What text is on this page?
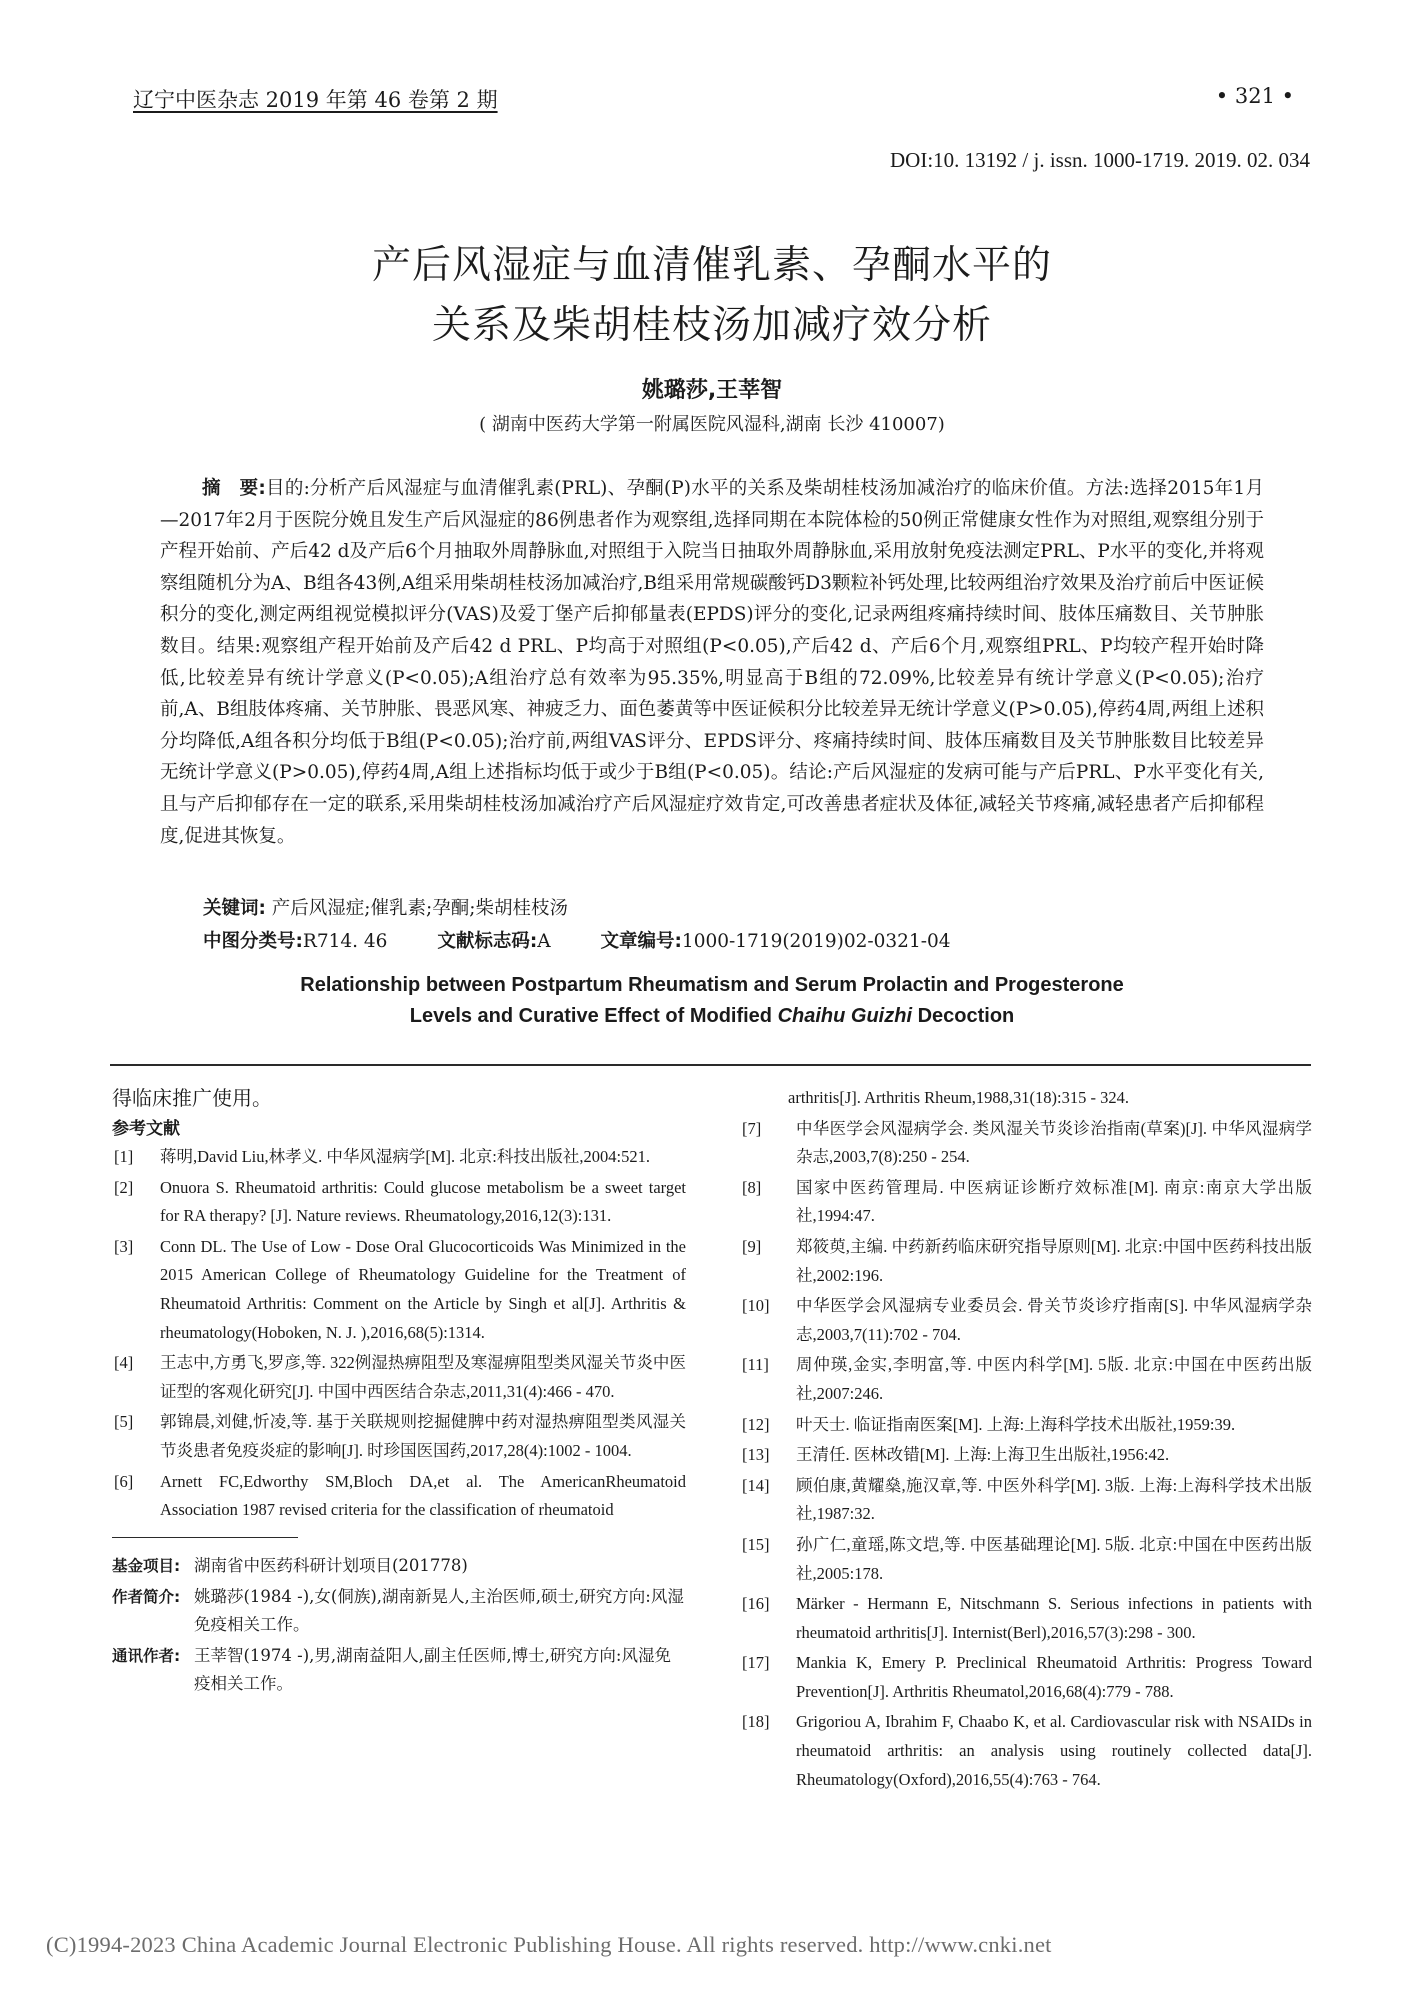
辽宁中医杂志 2019 年第 46 卷第 2 期	• 321 •
DOI:10. 13192 / j. issn. 1000-1719. 2019. 02. 034
产后风湿症与血清催乳素、孕酮水平的
关系及柴胡桂枝汤加减疗效分析
姚璐莎,王莘智
( 湖南中医药大学第一附属医院风湿科,湖南 长沙 410007)
摘　要:目的:分析产后风湿症与血清催乳素(PRL)、孕酮(P)水平的关系及柴胡桂枝汤加减治疗的临床价值。方法:选择2015年1月—2017年2月于医院分娩且发生产后风湿症的86例患者作为观察组,选择同期在本院体检的50例正常健康女性作为对照组,观察组分别于产程开始前、产后42 d及产后6个月抽取外周静脉血,对照组于入院当日抽取外周静脉血,采用放射免疫法测定PRL、P水平的变化,并将观察组随机分为A、B组各43例,A组采用柴胡桂枝汤加减治疗,B组采用常规碳酸钙D3颗粒补钙处理,比较两组治疗效果及治疗前后中医证候积分的变化,测定两组视觉模拟评分(VAS)及爱丁堡产后抑郁量表(EPDS)评分的变化,记录两组疼痛持续时间、肢体压痛数目、关节肿胀数目。结果:观察组产程开始前及产后42 d PRL、P均高于对照组(P<0.05),产后42 d、产后6个月,观察组PRL、P均较产程开始时降低,比较差异有统计学意义(P<0.05);A组治疗总有效率为95.35%,明显高于B组的72.09%,比较差异有统计学意义(P<0.05);治疗前,A、B组肢体疼痛、关节肿胀、畏恶风寒、神疲乏力、面色萎黄等中医证候积分比较差异无统计学意义(P>0.05),停药4周,两组上述积分均降低,A组各积分均低于B组(P<0.05);治疗前,两组VAS评分、EPDS评分、疼痛持续时间、肢体压痛数目及关节肿胀数目比较差异无统计学意义(P>0.05),停药4周,A组上述指标均低于或少于B组(P<0.05)。结论:产后风湿症的发病可能与产后PRL、P水平变化有关,且与产后抑郁存在一定的联系,采用柴胡桂枝汤加减治疗产后风湿症疗效肯定,可改善患者症状及体征,减轻关节疼痛,减轻患者产后抑郁程度,促进其恢复。
关键词: 产后风湿症;催乳素;孕酮;柴胡桂枝汤
中图分类号:R714. 46	文献标志码:A	文章编号:1000-1719(2019)02-0321-04
Relationship between Postpartum Rheumatism and Serum Prolactin and Progesterone
Levels and Curative Effect of Modified Chaihu Guizhi Decoction
得临床推广使用。
参考文献
[1] 蒋明,David Liu,林孝义. 中华风湿病学[M]. 北京:科技出版社,2004:521.
[2] Onuora S. Rheumatoid arthritis: Could glucose metabolism be a sweet target for RA therapy? [J]. Nature reviews. Rheumatology,2016,12(3):131.
[3] Conn DL. The Use of Low - Dose Oral Glucocorticoids Was Minimized in the 2015 American College of Rheumatology Guideline for the Treatment of Rheumatoid Arthritis: Comment on the Article by Singh et al[J]. Arthritis & rheumatology(Hoboken, N. J. ),2016,68(5):1314.
[4] 王志中,方勇飞,罗彦,等. 322例湿热痹阻型及寒湿痹阻型类风湿关节炎中医证型的客观化研究[J]. 中国中西医结合杂志,2011,31(4):466 - 470.
[5] 郭锦晨,刘健,忻凌,等. 基于关联规则挖掘健脾中药对湿热痹阻型类风湿关节炎患者免疫炎症的影响[J]. 时珍国医国药,2017,28(4):1002 - 1004.
[6] Arnett FC,Edworthy SM,Bloch DA,et al. The AmericanRheumatoid Association 1987 revised criteria for the classification of rheumatoid
基金项目: 湖南省中医药科研计划项目(201778)
作者简介: 姚璐莎(1984 -),女(侗族),湖南新晃人,主治医师,硕士,研究方向:风湿免疫相关工作。
通讯作者: 王莘智(1974 -),男,湖南益阳人,副主任医师,博士,研究方向:风湿免疫相关工作。
arthritis[J]. Arthritis Rheum,1988,31(18):315 - 324.
[7] 中华医学会风湿病学会. 类风湿关节炎诊治指南(草案)[J]. 中华风湿病学杂志,2003,7(8):250 - 254.
[8] 国家中医药管理局. 中医病证诊断疗效标准[M]. 南京:南京大学出版社,1994:47.
[9] 郑筱萸,主编. 中药新药临床研究指导原则[M]. 北京:中国中医药科技出版社,2002:196.
[10] 中华医学会风湿病专业委员会. 骨关节炎诊疗指南[S]. 中华风湿病学杂志,2003,7(11):702 - 704.
[11] 周仲瑛,金实,李明富,等. 中医内科学[M]. 5版. 北京:中国在中医药出版社,2007:246.
[12] 叶天士. 临证指南医案[M]. 上海:上海科学技术出版社,1959:39.
[13] 王清任. 医林改错[M]. 上海:上海卫生出版社,1956:42.
[14] 顾伯康,黄耀燊,施汉章,等. 中医外科学[M]. 3版. 上海:上海科学技术出版社,1987:32.
[15] 孙广仁,童瑶,陈文垲,等. 中医基础理论[M]. 5版. 北京:中国在中医药出版社,2005:178.
[16] Märker - Hermann E, Nitschmann S. Serious infections in patients with rheumatoid arthritis[J]. Internist(Berl),2016,57(3):298 - 300.
[17] Mankia K, Emery P. Preclinical Rheumatoid Arthritis: Progress Toward Prevention[J]. Arthritis Rheumatol,2016,68(4):779 - 788.
[18] Grigoriou A, Ibrahim F, Chaabo K, et al. Cardiovascular risk with NSAIDs in rheumatoid arthritis: an analysis using routinely collected data[J]. Rheumatology(Oxford),2016,55(4):763 - 764.
(C)1994-2023 China Academic Journal Electronic Publishing House. All rights reserved. http://www.cnki.net
